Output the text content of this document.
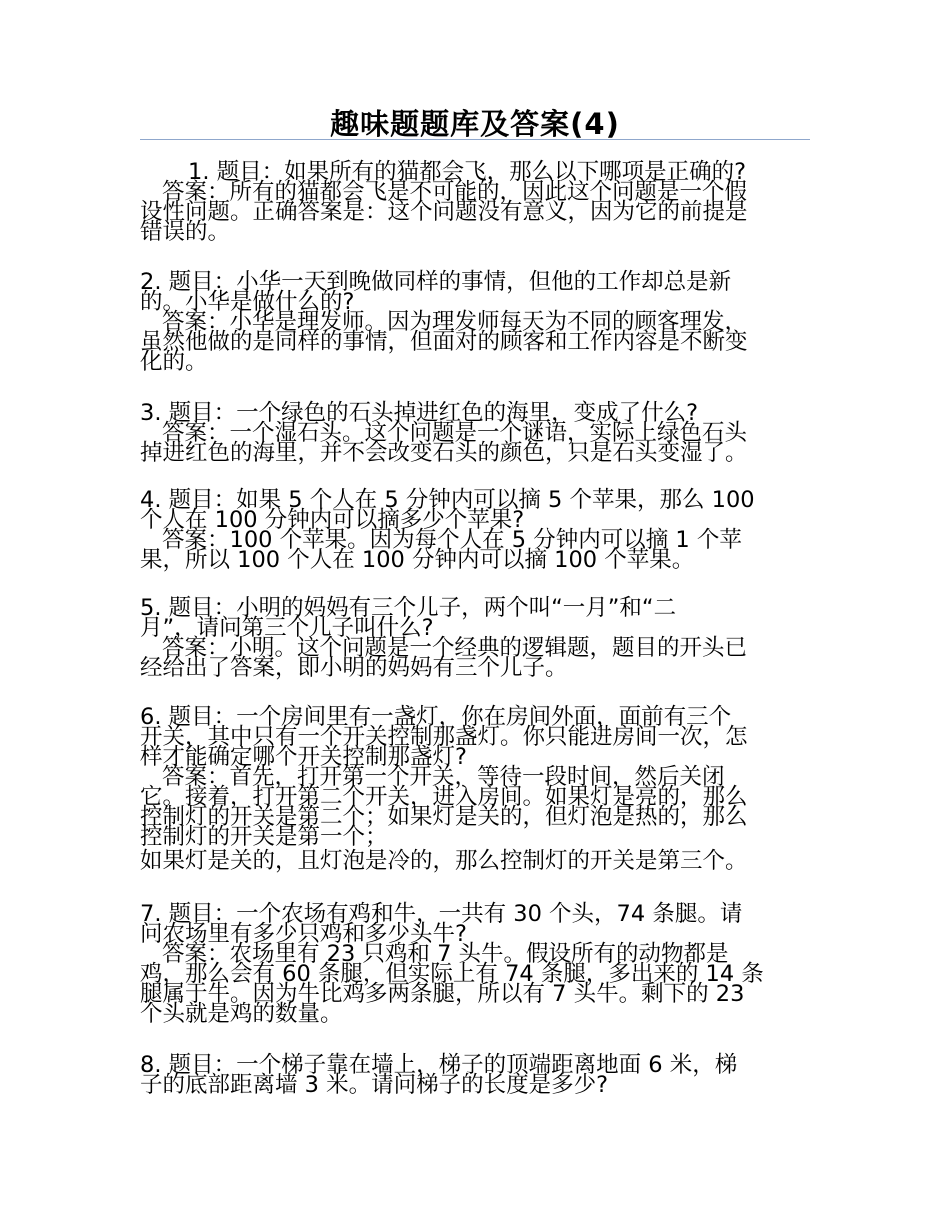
趣味题题库及答案(4)
1. 题目：如果所有的猫都会飞，那么以下哪项是正确的?
答案：所有的猫都会飞是不可能的，因此这个问题是一个假
设性问题。正确答案是：这个问题没有意义，因为它的前提是
错误的。
2. 题目：小华一天到晚做同样的事情，但他的工作却总是新
的。小华是做什么的?
答案：小华是理发师。因为理发师每天为不同的顾客理发，
虽然他做的是同样的事情，但面对的顾客和工作内容是不断变
化的。
3. 题目：一个绿色的石头掉进红色的海里，变成了什么?
答案：一个湿石头。这个问题是一个谜语，实际上绿色石头
掉进红色的海里，并不会改变石头的颜色，只是石头变湿了。
4. 题目：如果 5 个人在 5 分钟内可以摘 5 个苹果，那么 100
个人在 100 分钟内可以摘多少个苹果?
答案：100 个苹果。因为每个人在 5 分钟内可以摘 1 个苹
果，所以 100 个人在 100 分钟内可以摘 100 个苹果。
5. 题目：小明的妈妈有三个儿子，两个叫“一月”和“二
月”，请问第三个儿子叫什么?
答案：小明。这个问题是一个经典的逻辑题，题目的开头已
经给出了答案，即小明的妈妈有三个儿子。
6. 题目：一个房间里有一盏灯，你在房间外面，面前有三个
开关，其中只有一个开关控制那盏灯。你只能进房间一次，怎
样才能确定哪个开关控制那盏灯?
答案：首先，打开第一个开关，等待一段时间，然后关闭
它。接着，打开第二个开关，进入房间。如果灯是亮的，那么
控制灯的开关是第二个；如果灯是关的，但灯泡是热的，那么
控制灯的开关是第一个；
如果灯是关的，且灯泡是冷的，那么控制灯的开关是第三个。
7. 题目：一个农场有鸡和牛，一共有 30 个头，74 条腿。请
问农场里有多少只鸡和多少头牛?
答案：农场里有 23 只鸡和 7 头牛。假设所有的动物都是
鸡，那么会有 60 条腿，但实际上有 74 条腿，多出来的 14 条
腿属于牛。因为牛比鸡多两条腿，所以有 7 头牛。剩下的 23
个头就是鸡的数量。
8. 题目：一个梯子靠在墙上，梯子的顶端距离地面 6 米，梯
子的底部距离墙 3 米。请问梯子的长度是多少?
